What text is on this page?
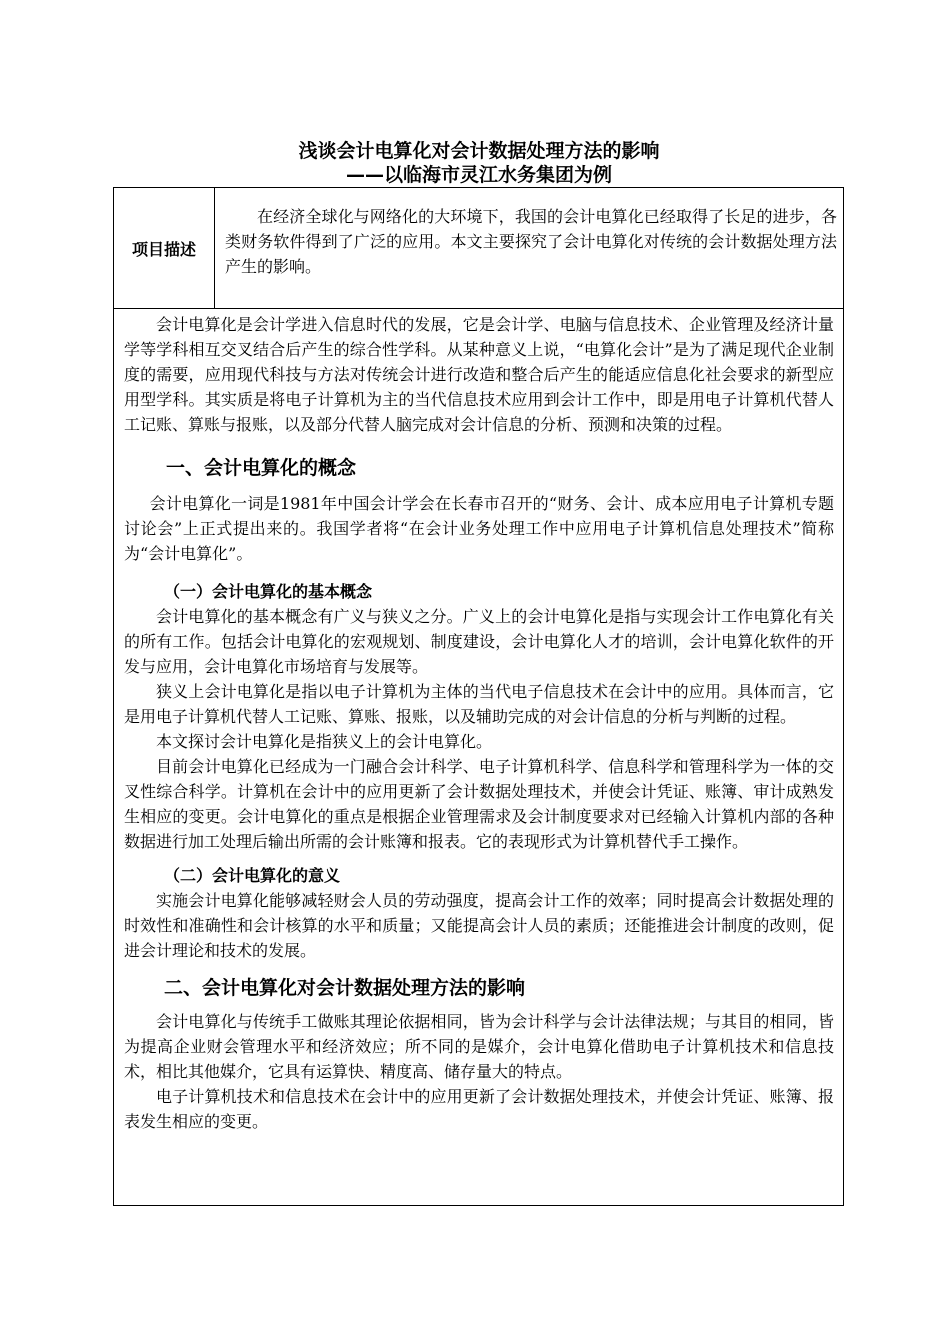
浅谈会计电算化对会计数据处理方法的影响
——以临海市灵江水务集团为例
项目描述
在经济全球化与网络化的大环境下，我国的会计电算化已经取得了长足的进步，各类财务软件得到了广泛的应用。本文主要探究了会计电算化对传统的会计数据处理方法产生的影响。

会计电算化是会计学进入信息时代的发展，它是会计学、电脑与信息技术、企业管理及经济计量学等学科相互交叉结合后产生的综合性学科。从某种意义上说，“电算化会计”是为了满足现代企业制度的需要，应用现代科技与方法对传统会计进行改造和整合后产生的能适应信息化社会要求的新型应用型学科。其实质是将电子计算机为主的当代信息技术应用到会计工作中，即是用电子计算机代替人工记账、算账与报账，以及部分代替人脑完成对会计信息的分析、预测和决策的过程。

一、会计电算化的概念

会计电算化一词是1981年中国会计学会在长春市召开的“财务、会计、成本应用电子计算机专题讨论会”上正式提出来的。我国学者将“在会计业务处理工作中应用电子计算机信息处理技术”简称为“会计电算化”。

（一）会计电算化的基本概念

会计电算化的基本概念有广义与狭义之分。广义上的会计电算化是指与实现会计工作电算化有关的所有工作。包括会计电算化的宏观规划、制度建设，会计电算化人才的培训，会计电算化软件的开发与应用，会计电算化市场培育与发展等。

狭义上会计电算化是指以电子计算机为主体的当代电子信息技术在会计中的应用。具体而言，它是用电子计算机代替人工记账、算账、报账，以及辅助完成的对会计信息的分析与判断的过程。

本文探讨会计电算化是指狭义上的会计电算化。

目前会计电算化已经成为一门融合会计科学、电子计算机科学、信息科学和管理科学为一体的交叉性综合科学。计算机在会计中的应用更新了会计数据处理技术，并使会计凭证、账簿、审计成熟发生相应的变更。会计电算化的重点是根据企业管理需求及会计制度要求对已经输入计算机内部的各种数据进行加工处理后输出所需的会计账簿和报表。它的表现形式为计算机替代手工操作。

（二）会计电算化的意义

实施会计电算化能够减轻财会人员的劳动强度，提高会计工作的效率；同时提高会计数据处理的时效性和准确性和会计核算的水平和质量；又能提高会计人员的素质；还能推进会计制度的改则，促进会计理论和技术的发展。

二、会计电算化对会计数据处理方法的影响

会计电算化与传统手工做账其理论依据相同，皆为会计科学与会计法律法规；与其目的相同，皆为提高企业财会管理水平和经济效应；所不同的是媒介，会计电算化借助电子计算机技术和信息技术，相比其他媒介，它具有运算快、精度高、储存量大的特点。

电子计算机技术和信息技术在会计中的应用更新了会计数据处理技术，并使会计凭证、账簿、报表发生相应的变更。
